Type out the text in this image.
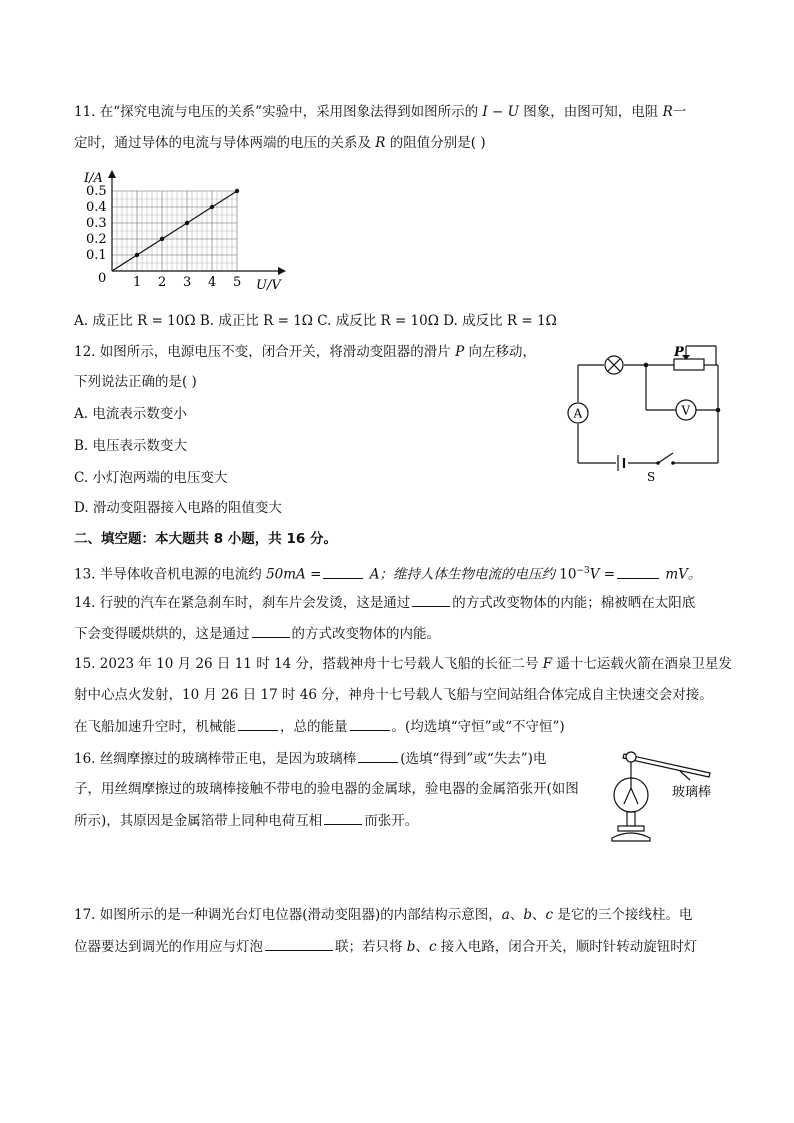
11. 在“探究电流与电压的关系”实验中，采用图象法得到如图所示的 I − U 图象，由图可知，电阻 R一
定时，通过导体的电流与导体两端的电压的关系及 R 的阻值分别是( )
I/A
U/V
0
0.5
0.4
0.3
0.2
0.1
1 2 3 4 5
A. 成正比 R = 10Ω B. 成正比 R = 1Ω C. 成反比 R = 10Ω D. 成反比 R = 1Ω
12. 如图所示，电源电压不变，闭合开关，将滑动变阻器的滑片 P 向左移动，
下列说法正确的是( )
A. 电流表示数变小
B. 电压表示数变大
C. 小灯泡两端的电压变大
D. 滑动变阻器接入电路的阻值变大
P
A	V
S
二、填空题：本大题共 8 小题，共 16 分。
13. 半导体收音机电源的电流约 50mA =	A；维持人体生物电流的电压约 $10^{-3}V$ =	mV。
14. 行驶的汽车在紧急刹车时，刹车片会发烫，这是通过	的方式改变物体的内能；棉被晒在太阳底
下会变得暖烘烘的，这是通过	的方式改变物体的内能。
15. 2023 年 10 月 26 日 11 时 14 分，搭载神舟十七号载人飞船的长征二号 F 遥十七运载火箭在酒泉卫星发
射中心点火发射，10 月 26 日 17 时 46 分，神舟十七号载人飞船与空间站组合体完成自主快速交会对接。
在飞船加速升空时，机械能	，总的能量	。(均选填“守恒”或“不守恒”)
16. 丝绸摩擦过的玻璃棒带正电，是因为玻璃棒	(选填“得到”或“失去”)电
子，用丝绸摩擦过的玻璃棒接触不带电的验电器的金属球，验电器的金属箔张开(如图
所示)，其原因是金属箔带上同种电荷互相	而张开。
玻璃棒
17. 如图所示的是一种调光台灯电位器(滑动变阻器)的内部结构示意图，a、b、c 是它的三个接线柱。电
位器要达到调光的作用应与灯泡	联；若只将 b、c 接入电路，闭合开关，顺时针转动旋钮时灯
